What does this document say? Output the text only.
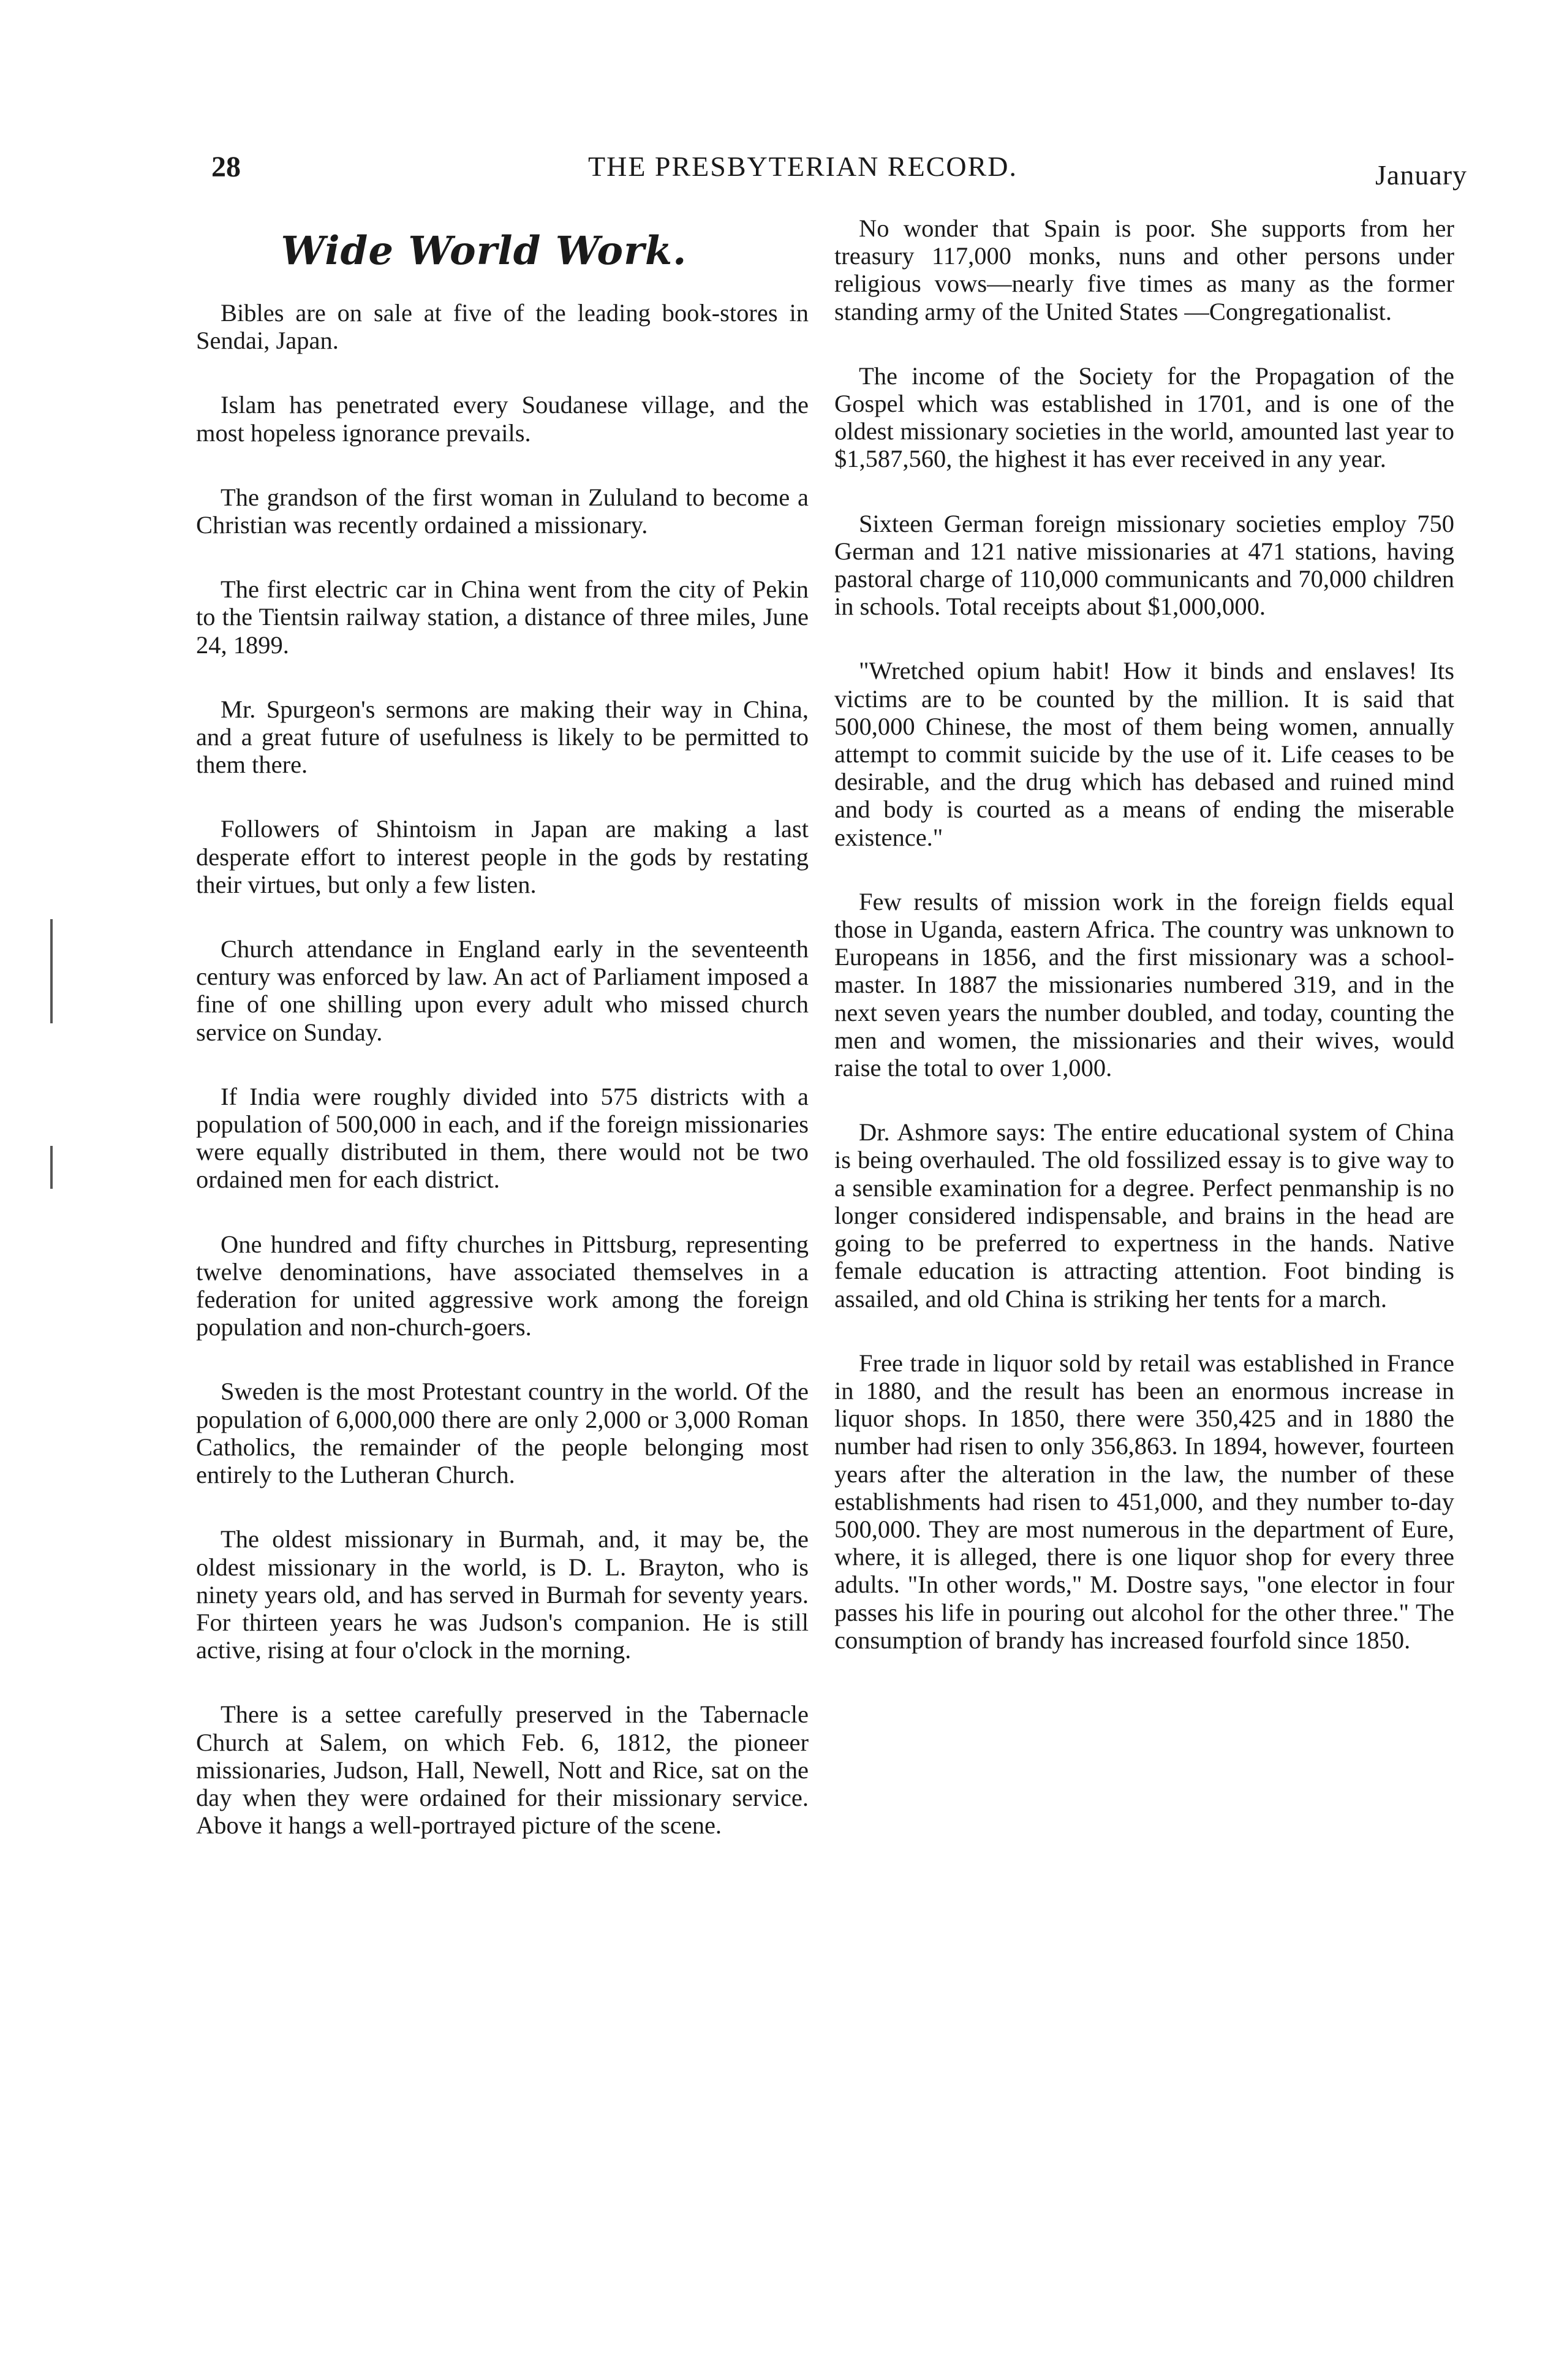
28	THE PRESBYTERIAN RECORD.	January
Wide World Work.

Bibles are on sale at five of the leading book-stores in Sendai, Japan.

Islam has penetrated every Soudanese village, and the most hopeless ignorance prevails.

The grandson of the first woman in Zululand to become a Christian was recently ordained a missionary.

The first electric car in China went from the city of Pekin to the Tientsin railway station, a distance of three miles, June 24, 1899.

Mr. Spurgeon's sermons are making their way in China, and a great future of usefulness is likely to be permitted to them there.

Followers of Shintoism in Japan are making a last desperate effort to interest people in the gods by restating their virtues, but only a few listen.

Church attendance in England early in the seventeenth century was enforced by law. An act of Parliament imposed a fine of one shilling upon every adult who missed church service on Sunday.

If India were roughly divided into 575 districts with a population of 500,000 in each, and if the foreign missionaries were equally distributed in them, there would not be two ordained men for each district.

One hundred and fifty churches in Pittsburg, representing twelve denominations, have associated themselves in a federation for united aggressive work among the foreign population and non-church-goers.

Sweden is the most Protestant country in the world. Of the population of 6,000,000 there are only 2,000 or 3,000 Roman Catholics, the remainder of the people belonging most entirely to the Lutheran Church.

The oldest missionary in Burmah, and, it may be, the oldest missionary in the world, is D. L. Brayton, who is ninety years old, and has served in Burmah for seventy years. For thirteen years he was Judson's companion. He is still active, rising at four o'clock in the morning.

There is a settee carefully preserved in the Tabernacle Church at Salem, on which Feb. 6, 1812, the pioneer missionaries, Judson, Hall, Newell, Nott and Rice, sat on the day when they were ordained for their missionary service. Above it hangs a well-portrayed picture of the scene.

No wonder that Spain is poor. She supports from her treasury 117,000 monks, nuns and other persons under religious vows—nearly five times as many as the former standing army of the United States —Congregationalist.

The income of the Society for the Propagation of the Gospel which was established in 1701, and is one of the oldest missionary societies in the world, amounted last year to $1,587,560, the highest it has ever received in any year.

Sixteen German foreign missionary societies employ 750 German and 121 native missionaries at 471 stations, having pastoral charge of 110,000 communicants and 70,000 children in schools. Total receipts about $1,000,000.

"Wretched opium habit! How it binds and enslaves! Its victims are to be counted by the million. It is said that 500,000 Chinese, the most of them being women, annually attempt to commit suicide by the use of it. Life ceases to be desirable, and the drug which has debased and ruined mind and body is courted as a means of ending the miserable existence."

Few results of mission work in the foreign fields equal those in Uganda, eastern Africa. The country was unknown to Europeans in 1856, and the first missionary was a school-master. In 1887 the missionaries numbered 319, and in the next seven years the number doubled, and today, counting the men and women, the missionaries and their wives, would raise the total to over 1,000.

Dr. Ashmore says: The entire educational system of China is being overhauled. The old fossilized essay is to give way to a sensible examination for a degree. Perfect penmanship is no longer considered indispensable, and brains in the head are going to be preferred to expertness in the hands. Native female education is attracting attention. Foot binding is assailed, and old China is striking her tents for a march.

Free trade in liquor sold by retail was established in France in 1880, and the result has been an enormous increase in liquor shops. In 1850, there were 350,425 and in 1880 the number had risen to only 356,863. In 1894, however, fourteen years after the alteration in the law, the number of these establishments had risen to 451,000, and they number to-day 500,000. They are most numerous in the department of Eure, where, it is alleged, there is one liquor shop for every three adults. "In other words," M. Dostre says, "one elector in four passes his life in pouring out alcohol for the other three." The consumption of brandy has increased fourfold since 1850.
